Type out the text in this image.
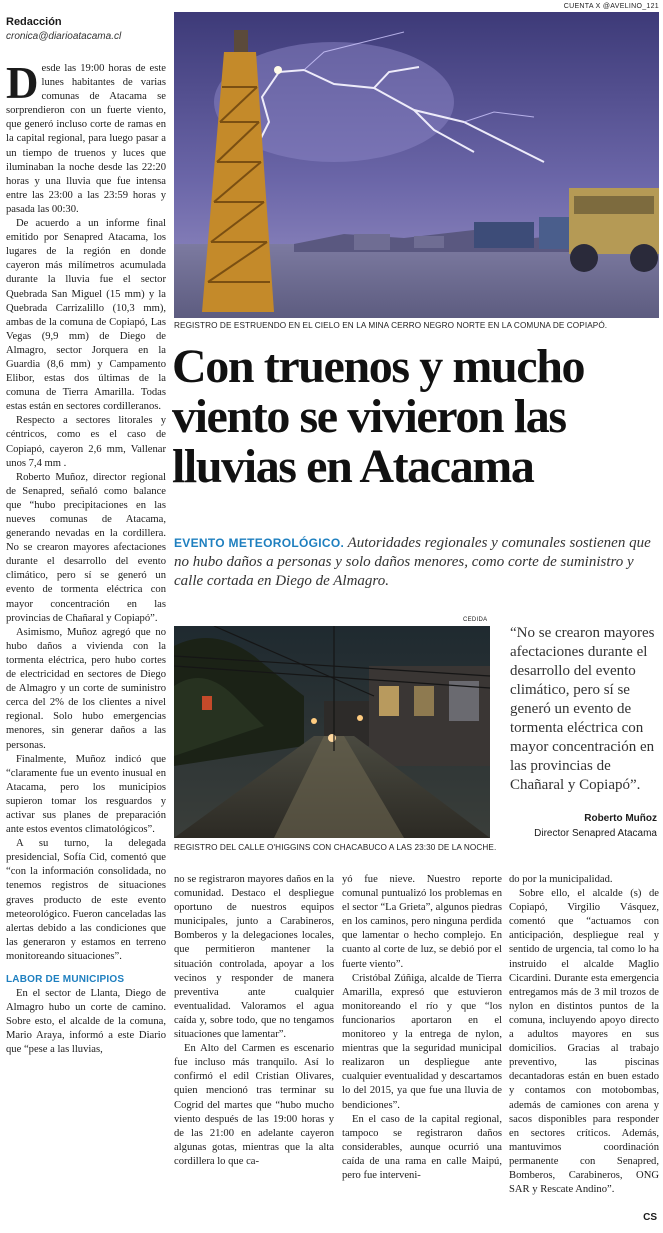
Redacción
cronica@diarioatacama.cl
CUENTA X @AVELINO_121

Desde las 19:00 horas de este lunes habitantes de varias comunas de Atacama se sorprendieron con un fuerte viento, que generó incluso corte de ramas en la capital regional, para luego pasar a un tiempo de truenos y luces que iluminaban la noche desde las 22:20 horas y una lluvia que fue intensa entre las 23:00 a las 23:59 horas y pasada las 00:30.

De acuerdo a un informe final emitido por Senapred Atacama, los lugares de la región en donde cayeron más milímetros acumulada durante la lluvia fue el sector Quebrada San Miguel (15 mm) y la Quebrada Carrizalillo (10,3 mm), ambas de la comuna de Copiapó, Las Vegas (9,9 mm) de Diego de Almagro, sector Jorquera en la Guardia (8,6 mm) y Campamento Elibor, estas dos últimas de la comuna de Tierra Amarilla. Todas estas están en sectores cordilleranos.

Respecto a sectores litorales y céntricos, como es el caso de Copiapó, cayeron 2,6 mm, Vallenar unos 7,4 mm .

Roberto Muñoz, director regional de Senapred, señaló como balance que “hubo precipitaciones en las nueves comunas de Atacama, generando nevadas en la cordillera. No se crearon mayores afectaciones durante el desarrollo del evento climático, pero sí se generó un evento de tormenta eléctrica con mayor concentración en las provincias de Chañaral y Copiapó”.

Asimismo, Muñoz agregó que no hubo daños a vivienda con la tormenta eléctrica, pero hubo cortes de electricidad en sectores de Diego de Almagro y un corte de suministro cerca del 2% de los clientes a nivel regional. Solo hubo emergencias menores, sin generar daños a las personas.

Finalmente, Muñoz indicó que “claramente fue un evento inusual en Atacama, pero los municipios supieron tomar los resguardos y activar sus planes de preparación ante estos eventos climatológicos”.

A su turno, la delegada presidencial, Sofía Cid, comentó que “con la información consolidada, no tenemos registros de situaciones graves producto de este evento meteorológico. Fueron canceladas las alertas debido a las condiciones que las generaron y estamos en terreno monitoreando situaciones”.

LABOR DE MUNICIPIOS

En el sector de Llanta, Diego de Almagro hubo un corte de camino. Sobre esto, el alcalde de la comuna, Mario Araya, informó a este Diario que “pese a las lluvias,

REGISTRO DE ESTRUENDO EN EL CIELO EN LA MINA CERRO NEGRO NORTE EN LA COMUNA DE COPIAPÓ.
Con truenos y mucho viento se vivieron las lluvias en Atacama
EVENTO METEOROLÓGICO. Autoridades regionales y comunales sostienen que no hubo daños a personas y solo daños menores, como corte de suministro y calle cortada en Diego de Almagro.
CEDIDA
REGISTRO DEL CALLE O'HIGGINS CON CHACABUCO A LAS 23:30 DE LA NOCHE.
“No se crearon mayores afectaciones durante el desarrollo del evento climático, pero sí se generó un evento de tormenta eléctrica con mayor concentración en las provincias de Chañaral y Copiapó”.
Roberto Muñoz
Director Senapred Atacama

no se registraron mayores daños en la comunidad. Destaco el despliegue oportuno de nuestros equipos municipales, junto a Carabineros, Bomberos y la delegaciones locales, que permitieron mantener la situación controlada, apoyar a los vecinos y responder de manera preventiva ante cualquier eventualidad. Valoramos el agua caída y, sobre todo, que no tengamos situaciones que lamentar”.

En Alto del Carmen es escenario fue incluso más tranquilo. Así lo confirmó el edil Cristian Olivares, quien mencionó tras terminar su Cogrid del martes que “hubo mucho viento después de las 19:00 horas y de las 21:00 en adelante cayeron algunas gotas, mientras que la alta cordillera lo que ca-

yó fue nieve. Nuestro reporte comunal puntualizó los problemas en el sector “La Grieta”, algunos piedras en los caminos, pero ninguna perdida que lamentar o hecho complejo. En cuanto al corte de luz, se debió por el fuerte viento”.

Cristóbal Zúñiga, alcalde de Tierra Amarilla, expresó que estuvieron monitoreando el río y que “los funcionarios aportaron en el monitoreo y la entrega de nylon, mientras que la seguridad municipal realizaron un despliegue ante cualquier eventualidad y descartamos lo del 2015, ya que fue una lluvia de bendiciones”.

En el caso de la capital regional, tampoco se registraron daños considerables, aunque ocurrió una caída de una rama en calle Maipú, pero fue interveni-

do por la municipalidad.

Sobre ello, el alcalde (s) de Copiapó, Virgilio Vásquez, comentó que “actuamos con anticipación, despliegue real y sentido de urgencia, tal como lo ha instruido el alcalde Maglio Cicardini. Durante esta emergencia entregamos más de 3 mil trozos de nylon en distintos puntos de la comuna, incluyendo apoyo directo a adultos mayores en sus domicilios. Gracias al trabajo preventivo, las piscinas decantadoras están en buen estado y contamos con motobombas, además de camiones con arena y sacos disponibles para responder en sectores críticos. Además, mantuvimos coordinación permanente con Senapred, Bomberos, Carabineros, ONG SAR y Rescate Andino”.

CS
